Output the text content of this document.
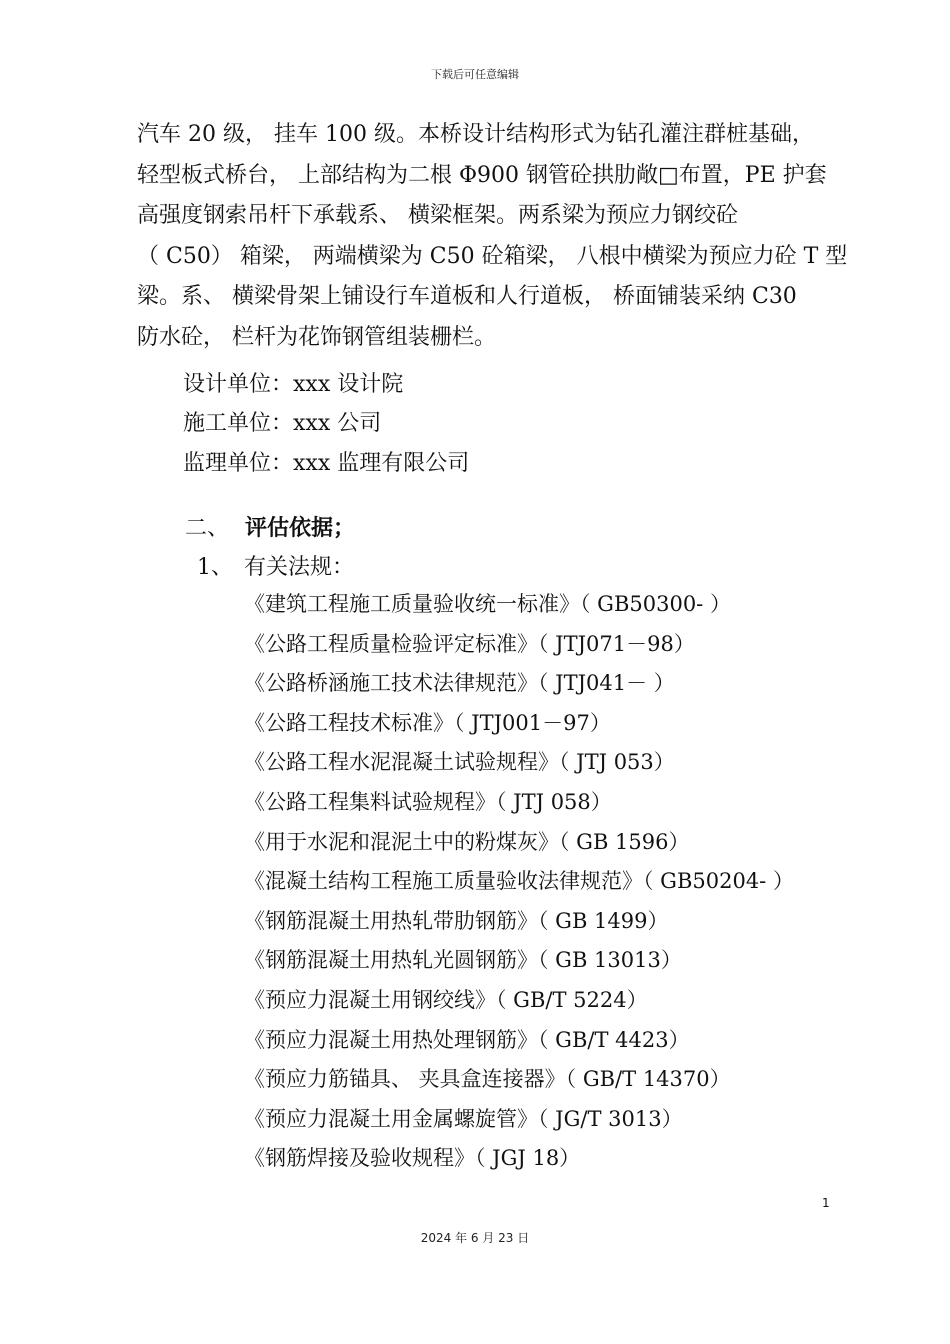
下载后可任意编辑
汽车 20 级， 挂车 100 级。本桥设计结构形式为钻孔灌注群桩基础，
轻型板式桥台， 上部结构为二根 Φ900 钢管砼拱肋敞□布置，PE 护套
高强度钢索吊杆下承载系、 横梁框架。两系梁为预应力钢绞砼
（ C50） 箱梁， 两端横梁为 C50 砼箱梁， 八根中横梁为预应力砼 T 型
梁。系、 横梁骨架上铺设行车道板和人行道板， 桥面铺装采纳 C30
防水砼， 栏杆为花饰钢管组装栅栏。
设计单位：xxx 设计院
施工单位：xxx 公司
监理单位：xxx 监理有限公司
二、 评估依据；
1、 有关法规：
《建筑工程施工质量验收统一标准》（ GB50300- ）
《公路工程质量检验评定标准》（ JTJ071－98）
《公路桥涵施工技术法律规范》（ JTJ041－ ）
《公路工程技术标准》（ JTJ001－97）
《公路工程水泥混凝土试验规程》（ JTJ 053）
《公路工程集料试验规程》（ JTJ 058）
《用于水泥和混泥土中的粉煤灰》（ GB 1596）
《混凝土结构工程施工质量验收法律规范》（ GB50204- ）
《钢筋混凝土用热轧带肋钢筋》（ GB 1499）
《钢筋混凝土用热轧光圆钢筋》（ GB 13013）
《预应力混凝土用钢绞线》（ GB/T 5224）
《预应力混凝土用热处理钢筋》（ GB/T 4423）
《预应力筋锚具、 夹具盒连接器》（ GB/T 14370）
《预应力混凝土用金属螺旋管》（ JG/T 3013）
《钢筋焊接及验收规程》（ JGJ 18）
1
2024 年 6 月 23 日
